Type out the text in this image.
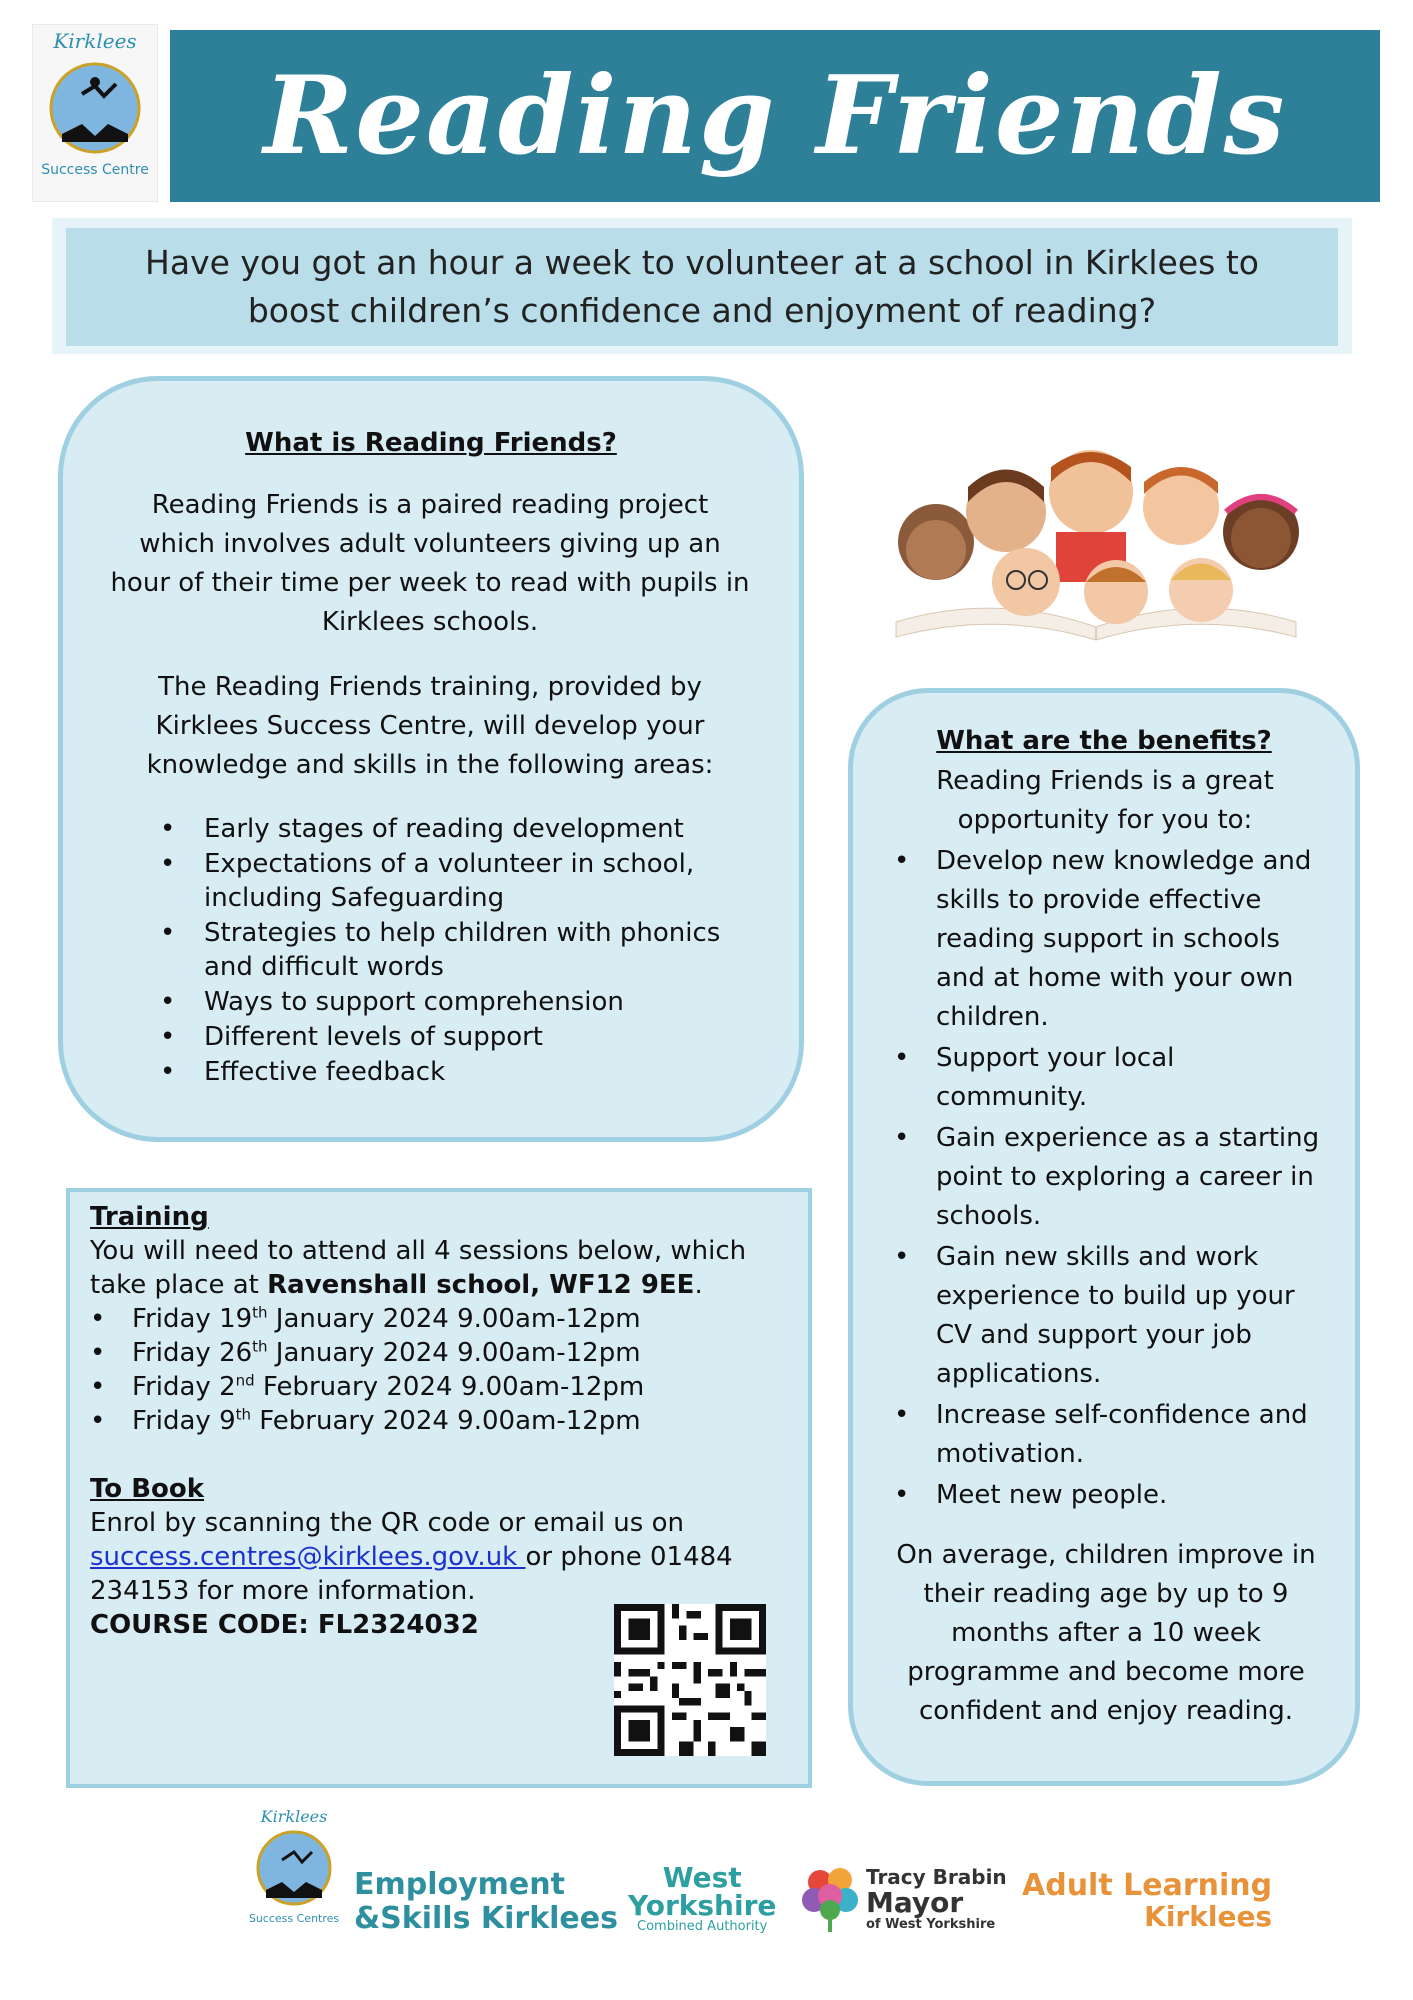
Kirklees
Success Centre Reading Friends
Have you got an hour a week to volunteer at a school in Kirklees to boost children’s confidence and enjoyment of reading?
What is Reading Friends?
Reading Friends is a paired reading project which involves adult volunteers giving up an hour of their time per week to read with pupils in Kirklees schools.
The Reading Friends training, provided by Kirklees Success Centre, will develop your knowledge and skills in the following areas:
• Early stages of reading development
• Expectations of a volunteer in school, including Safeguarding
• Strategies to help children with phonics and difficult words
• Ways to support comprehension
• Different levels of support
• Effective feedback
What are the benefits?
Reading Friends is a great opportunity for you to:
• Develop new knowledge and skills to provide effective reading support in schools and at home with your own children.
• Support your local community.
• Gain experience as a starting point to exploring a career in schools.
• Gain new skills and work experience to build up your CV and support your job applications.
• Increase self-confidence and motivation.
• Meet new people.
On average, children improve in their reading age by up to 9 months after a 10 week programme and become more confident and enjoy reading.
Training
You will need to attend all 4 sessions below, which take place at Ravenshall school, WF12 9EE.
• Friday 19th January 2024 9.00am-12pm
• Friday 26th January 2024 9.00am-12pm
• Friday 2nd February 2024 9.00am-12pm
• Friday 9th February 2024 9.00am-12pm
To Book
Enrol by scanning the QR code or email us on
success.centres@kirklees.gov.uk or phone 01484 234153 for more information.
COURSE CODE: FL2324032
Kirklees
Success Centres
Employment
&Skills Kirklees
West
Yorkshire
Combined Authority
Tracy Brabin
Mayor
of West Yorkshire
Adult Learning
Kirklees
